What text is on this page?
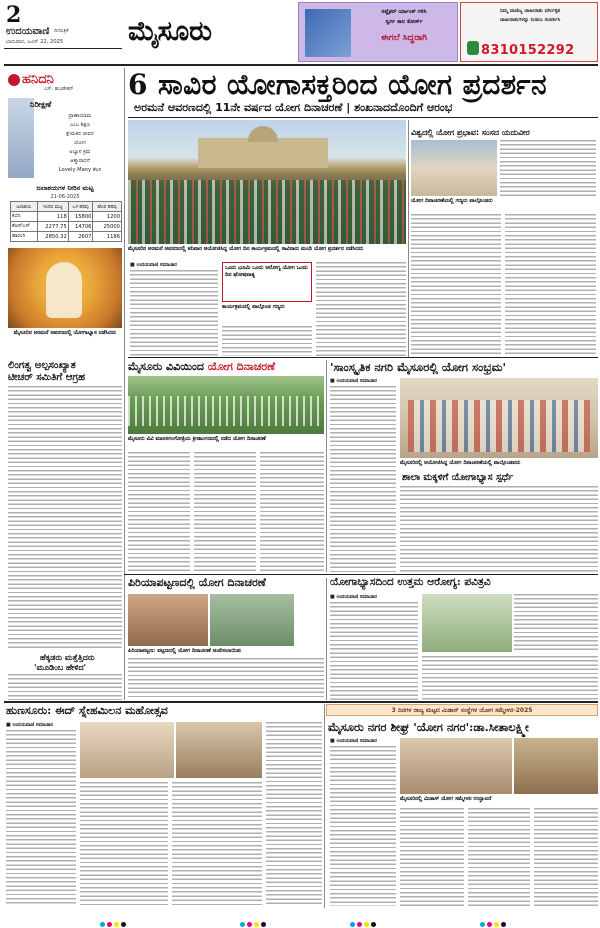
2
ಉದಯವಾಣಿ ದಿನಪತ್ರಿಕೆ
ಭಾನುವಾರ, ಜೂನ್ 22, 2025 ಮೈಸೂರು
ಸಪ್ಲೈಕರ್ ರ್ಯಾಂಕ್ ಗಳಿಸಿ
ಸ್ವರ್ಗ ಕಾಲ ಕೋರ್ಸ್
ಈಗಲೆ ಸಿದ್ಧರಾಗಿ
ನಿಮ್ಮ ವಾಣಿಜ್ಯ ಜಾಹೀರಾತು ವರ್ಗೀಕೃತ
ಜಾಹೀರಾತುಗಳನ್ನು ನೀಡಲು ಸಂಪರ್ಕಿಸಿ
8310152292
ಹನಿದನಿ
ಎಸ್. ಹುಂಡೇಕರ್
ನಿರೀಕ್ಷಣೆ
ಪ್ರಾಣಾಯಾಮ
ಎಂಬ ಶಿಕ್ಷಣ
ಕ್ಷೇಮಕರ ಜೀವನ
ಯೋಗ
ಅಭ್ಯಾಸ ಕ್ರಮ
ಆತ್ಮಾರಾಧನೆ
Lovely Many ಕೆಲಸ
ಜಲಾಶಯಗಳ ನೀರಿನ ಮಟ್ಟ
21-06-2025
ಜಲಾಶಯ	ಇಂದಿನ ಮಟ್ಟ	ಒಳ ಹರಿವು	ಹೊರ ಹರಿವು
ಕಬಿನಿ	118	15800	1200
ಕೆಆರ್‌ಎಸ್	2277.75	14706	25000
ಹಾರಂಗಿ	2850.32	2607	1186
ಮೈಸೂರಿನ ಅರಮನೆ ಆವರಣದಲ್ಲಿ ಯೋಗಾಭ್ಯಾಸ ನಡೆಸಿದರು
ಲಿಂಗತ್ವ ಅಲ್ಪಸಂಖ್ಯಾತ
ಟೀಚರ್ ಸಮಿತಿಗೆ ಆಗ್ರಹ
ಹೆಕ್ಕಡರು ಮತ್ತೆತ್ತಿದರು
'ಮೂಡಿಂಬ ಹೇಳಿದ'
6 ಸಾವಿರ ಯೋಗಾಸಕ್ತರಿಂದ ಯೋಗ ಪ್ರದರ್ಶನ
ಅರಮನೆ ಆವರಣದಲ್ಲಿ 11ನೇ ವರ್ಷದ ಯೋಗ ದಿನಾಚರಣೆ | ಶಂಖನಾದದೊಂದಿಗೆ ಆರಂಭ
ಮೈಸೂರಿನ ಅರಮನೆ ಆವರಣದಲ್ಲಿ ಶನಿವಾರ ಆಯೋಜಿಸಿದ್ದ ಯೋಗ ದಿನ ಕಾರ್ಯಕ್ರಮದಲ್ಲಿ ಸಾವಿರಾರು ಮಂದಿ ಯೋಗ ಪ್ರದರ್ಶನ ನಡೆಸಿದರು
■ ಉದಯವಾಣಿ ಸಮಾಚಾರ	ಒಂದು ಭೂಮಿ ಒಂದು ಆರೋಗ್ಯ ಯೋಗ ಒಂದು ದಿನ ಘೋಷವಾಕ್ಯ
ಕಾರ್ಯಕ್ರಮದಲ್ಲಿ ಪಾಲ್ಗೊಂಡ ಗಣ್ಯರು
ವಿಶ್ವದಲ್ಲಿ ಯೋಗ ಪ್ರಭಾವ: ಸಂಸದ ಯದುವೀರ
ಯೋಗ ದಿನಾಚರಣೆಯಲ್ಲಿ ಗಣ್ಯರು ಪಾಲ್ಗೊಂಡರು
ಮೈಸೂರು ವಿವಿಯಿಂದ ಯೋಗ ದಿನಾಚರಣೆ
ಮೈಸೂರು ವಿವಿ ಮಾನಸಗಂಗೋತ್ರಿಯ ಕ್ರೀಡಾಂಗಣದಲ್ಲಿ ನಡೆದ ಯೋಗ ದಿನಾಚರಣೆ
'ಸಾಂಸ್ಕೃತಿಕ ನಗರಿ ಮೈಸೂರಲ್ಲಿ ಯೋಗ ಸಂಭ್ರಮ'
■ ಉದಯವಾಣಿ ಸಮಾಚಾರ
ಮೈಸೂರಿನಲ್ಲಿ ಆಯೋಜಿಸಿದ್ದ ಯೋಗ ದಿನಾಚರಣೆಯಲ್ಲಿ ಪಾಲ್ಗೊಂಡವರು
ಶಾಲಾ ಮಕ್ಕಳಿಗೆ ಯೋಗಾಭ್ಯಾಸ ಸ್ಪರ್ಧೆ
ಪಿರಿಯಾಪಟ್ಟಣದಲ್ಲಿ ಯೋಗ ದಿನಾಚರಣೆ
ಪಿರಿಯಾಪಟ್ಟಣ: ಪಟ್ಟಣದಲ್ಲಿ ಯೋಗ ದಿನಾಚರಣೆ ಆಚರಿಸಲಾಯಿತು
ಯೋಗಾಭ್ಯಾಸದಿಂದ ಉತ್ತಮ ಆರೋಗ್ಯ: ಪವಿತ್ರವಿ
■ ಉದಯವಾಣಿ ಸಮಾಚಾರ
ಹುಣಸೂರು: ಈದ್ ಸ್ನೇಹಮಿಲನ ಮಹೋತ್ಸವ
■ ಉದಯವಾಣಿ ಸಮಾಚಾರ
3 ದಿನಗಳ ರಾಜ್ಯ ಮಟ್ಟದ ಮಿಡಾಸ್‌ ಸಂಸ್ಥೆಗಳ ಯೋಗ ಸಮ್ಮೇಳನ-2025
ಮೈಸೂರು ನಗರ ಶೀಘ್ರ 'ಯೋಗ ನಗರ':ಡಾ.ಸೀತಾಲಕ್ಷ್ಮೀ
■ ಉದಯವಾಣಿ ಸಮಾಚಾರ
ಮೈಸೂರಿನಲ್ಲಿ ಮಿಡಾಸ್ ಯೋಗ ಸಮ್ಮೇಳನ ಉದ್ಘಾಟನೆ
